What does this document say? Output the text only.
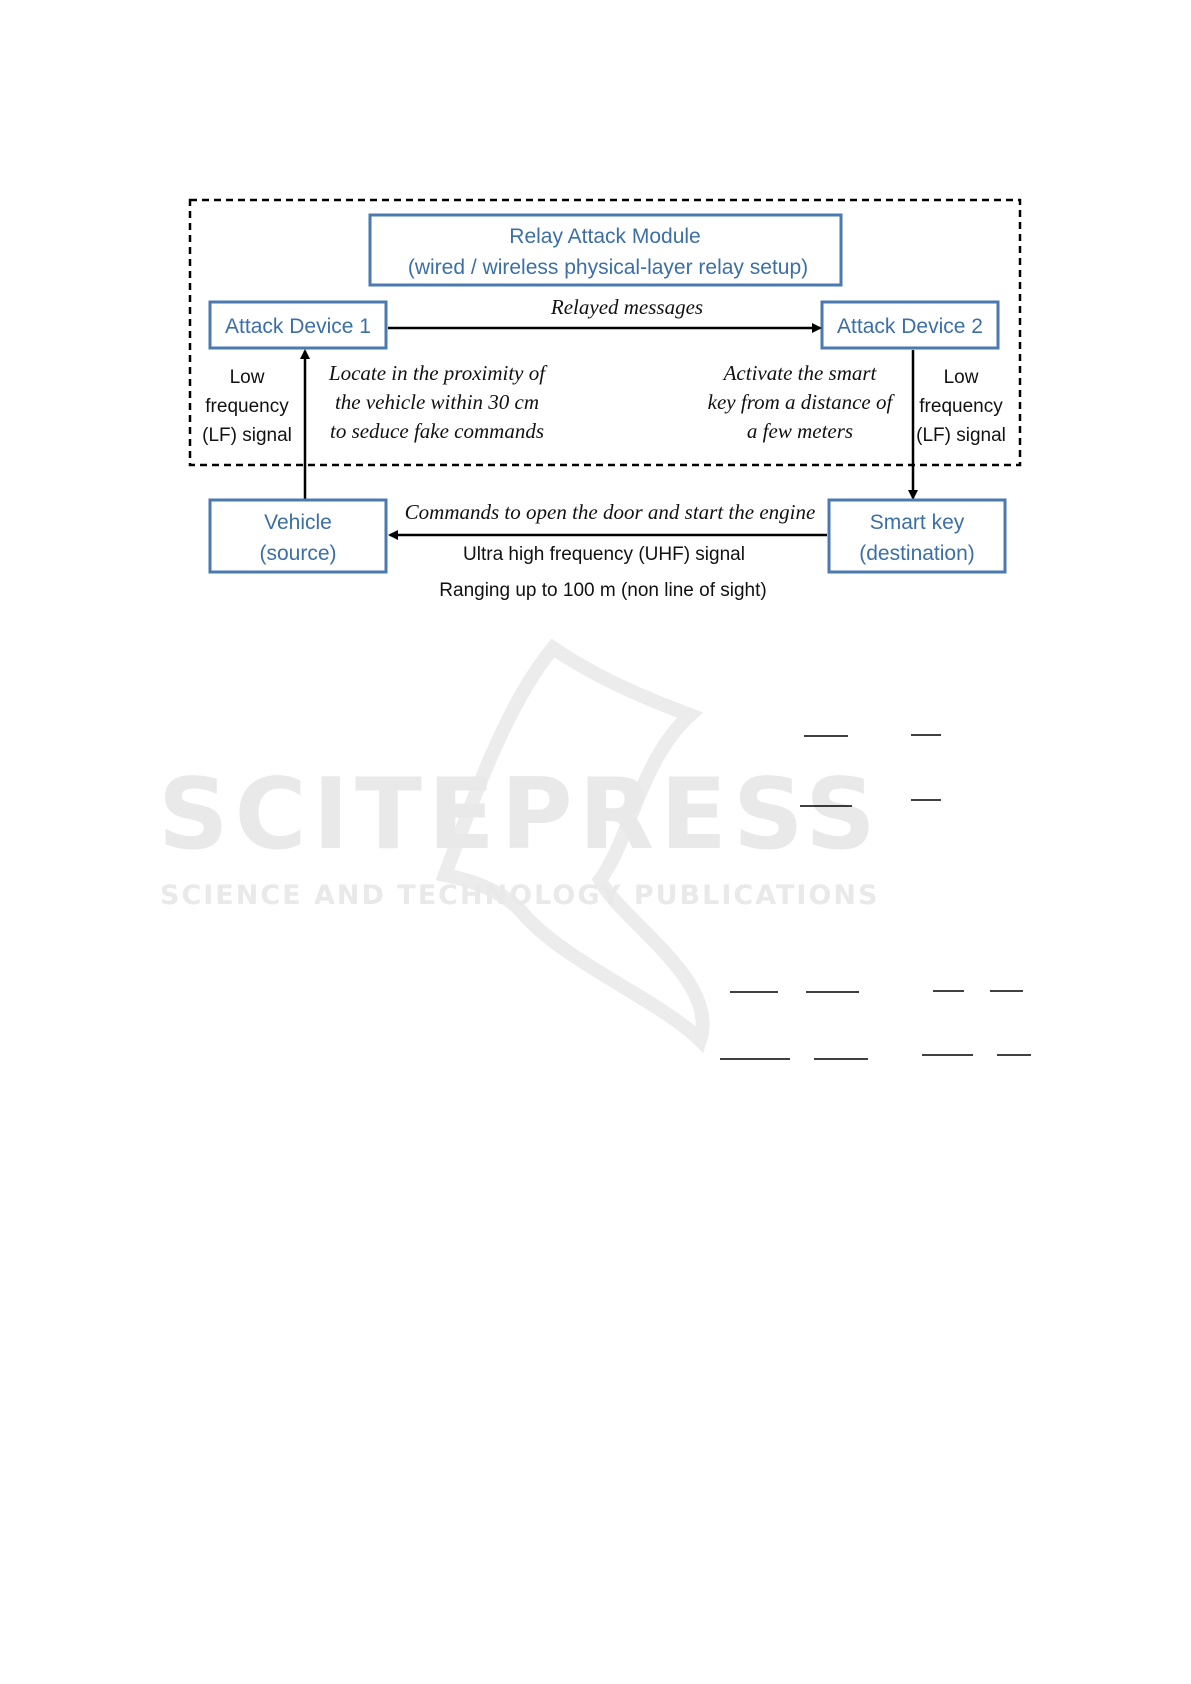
SCITEPRESS
SCIENCE AND TECHNOLOGY PUBLICATIONS
Relay Attack Module
(wired / wireless physical-layer relay setup)
Attack Device 1	Attack Device 2
Relayed messages
Low
frequency
(LF) signal
Locate in the proximity of
the vehicle within 30 cm
to seduce fake commands
Activate the smart
key from a distance of
a few meters
Low
frequency
(LF) signal
Vehicle
(source)
Smart key
(destination)
Commands to open the door and start the engine
Ultra high frequency (UHF) signal
Ranging up to 100 m (non line of sight)
